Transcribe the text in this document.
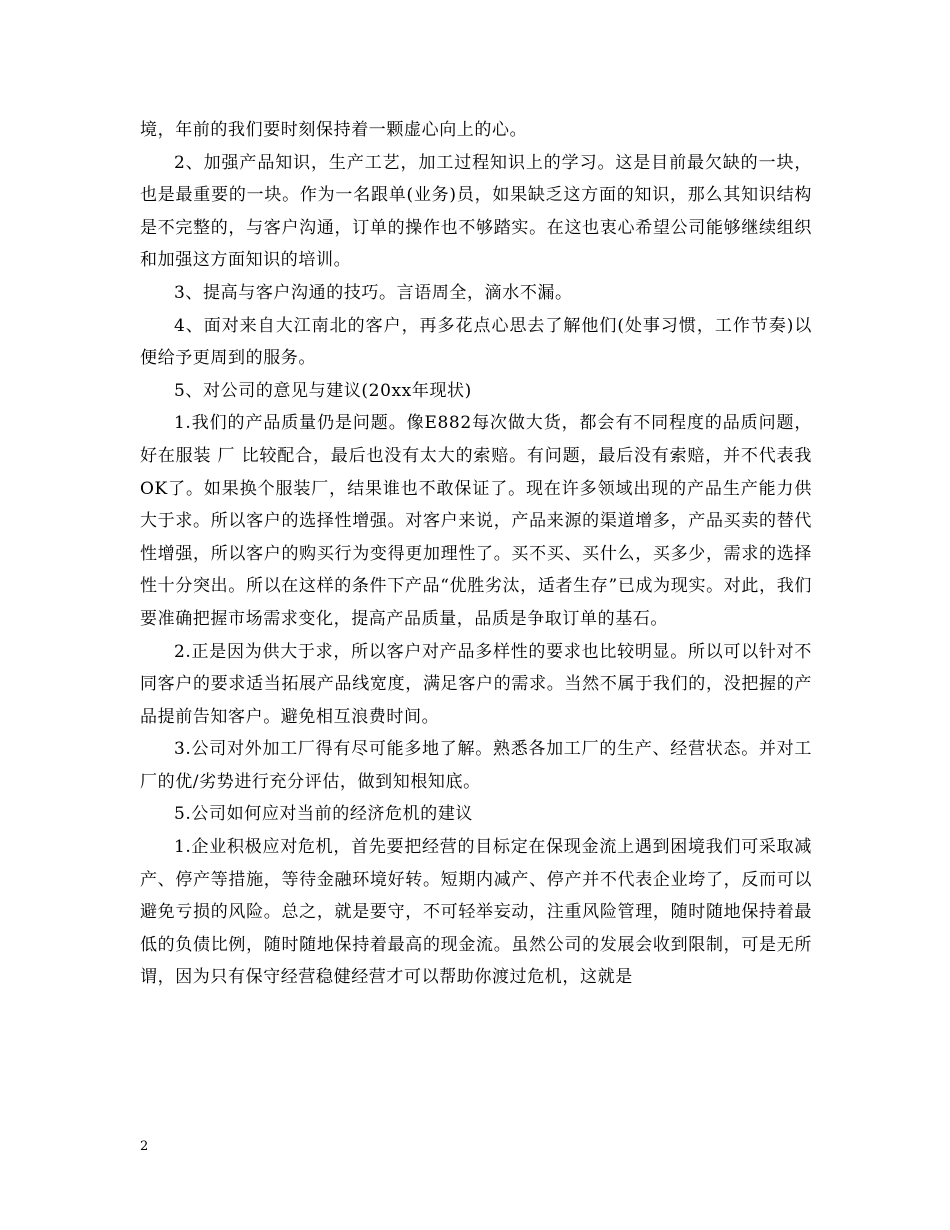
境，年前的我们要时刻保持着一颗虚心向上的心。

2、加强产品知识，生产工艺，加工过程知识上的学习。这是目前最欠缺的一块，也是最重要的一块。作为一名跟单(业务)员，如果缺乏这方面的知识，那么其知识结构是不完整的，与客户沟通，订单的操作也不够踏实。在这也衷心希望公司能够继续组织和加强这方面知识的培训。

3、提高与客户沟通的技巧。言语周全，滴水不漏。

4、面对来自大江南北的客户，再多花点心思去了解他们(处事习惯，工作节奏)以便给予更周到的服务。

5、对公司的意见与建议(20xx年现状)

1.我们的产品质量仍是问题。像E882每次做大货，都会有不同程度的品质问题，好在服装 厂 比较配合，最后也没有太大的索赔。有问题，最后没有索赔，并不代表我OK了。如果换个服装厂，结果谁也不敢保证了。现在许多领域出现的产品生产能力供大于求。所以客户的选择性增强。对客户来说，产品来源的渠道增多，产品买卖的替代性增强，所以客户的购买行为变得更加理性了。买不买、买什么，买多少，需求的选择性十分突出。所以在这样的条件下产品“优胜劣汰，适者生存”已成为现实。对此，我们要准确把握市场需求变化，提高产品质量，品质是争取订单的基石。

2.正是因为供大于求，所以客户对产品多样性的要求也比较明显。所以可以针对不同客户的要求适当拓展产品线宽度，满足客户的需求。当然不属于我们的，没把握的产品提前告知客户。避免相互浪费时间。

3.公司对外加工厂得有尽可能多地了解。熟悉各加工厂的生产、经营状态。并对工厂的优/劣势进行充分评估，做到知根知底。

5.公司如何应对当前的经济危机的建议

1.企业积极应对危机，首先要把经营的目标定在保现金流上遇到困境我们可采取减产、停产等措施，等待金融环境好转。短期内减产、停产并不代表企业垮了，反而可以避免亏损的风险。总之，就是要守，不可轻举妄动，注重风险管理，随时随地保持着最低的负债比例，随时随地保持着最高的现金流。虽然公司的发展会收到限制，可是无所谓，因为只有保守经营稳健经营才可以帮助你渡过危机，这就是

2
